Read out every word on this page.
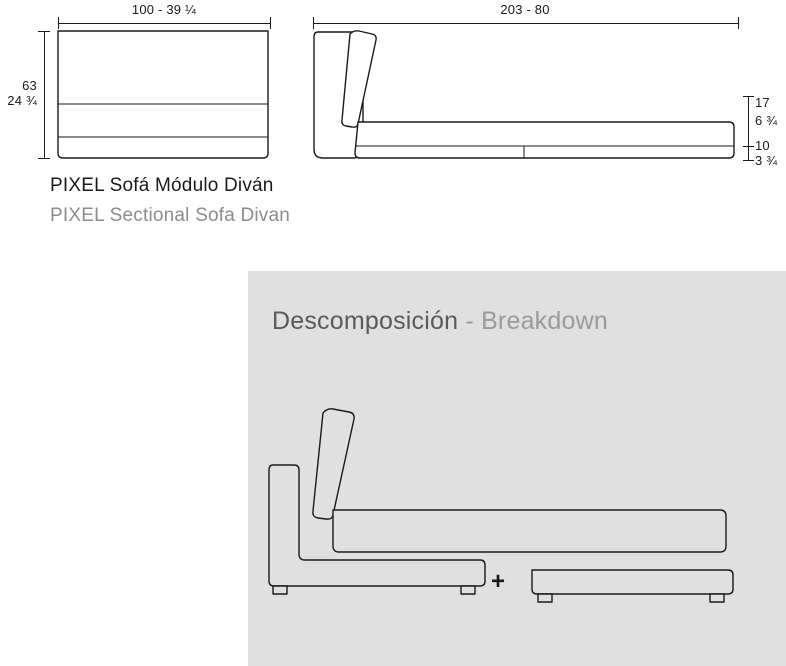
100 - 39 ¼
63
24 ¾
203 - 80
17
6 ¾
10
3 ¾
PIXEL Sofá Módulo Diván
PIXEL Sectional Sofa Divan
Descomposición - Breakdown
+
